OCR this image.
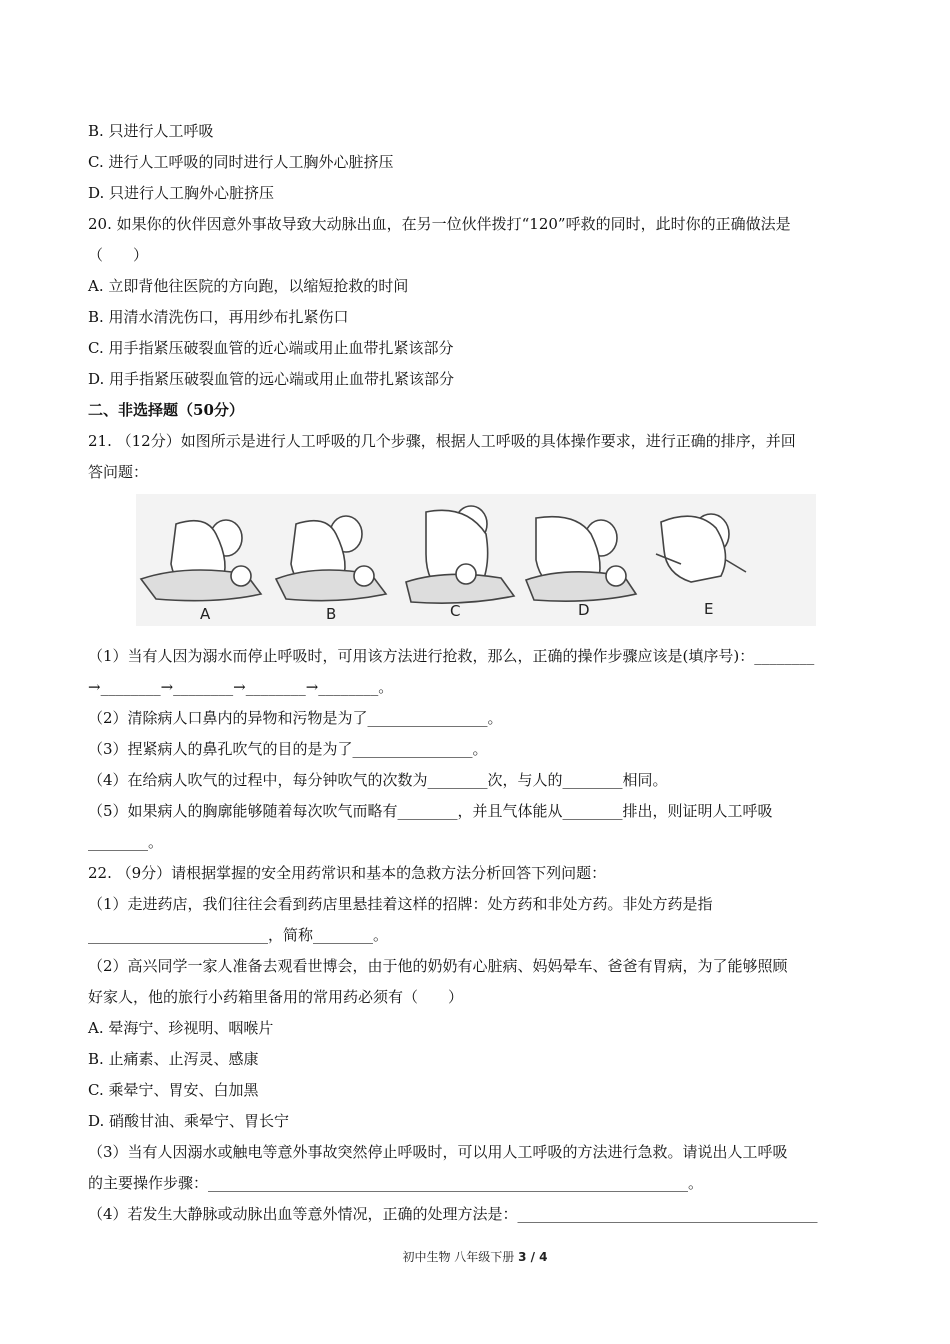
B. 只进行人工呼吸
C. 进行人工呼吸的同时进行人工胸外心脏挤压
D. 只进行人工胸外心脏挤压
20. 如果你的伙伴因意外事故导致大动脉出血，在另一位伙伴拨打“120”呼救的同时，此时你的正确做法是
（　　）
A. 立即背他往医院的方向跑，以缩短抢救的时间
B. 用清水清洗伤口，再用纱布扎紧伤口
C. 用手指紧压破裂血管的近心端或用止血带扎紧该部分
D. 用手指紧压破裂血管的远心端或用止血带扎紧该部分
二、非选择题（50分）
21. （12分）如图所示是进行人工呼吸的几个步骤，根据人工呼吸的具体操作要求，进行正确的排序，并回
答问题：
A	B	C	D	E
（1）当有人因为溺水而停止呼吸时，可用该方法进行抢救，那么，正确的操作步骤应该是(填序号)：________
→________→________→________→________。
（2）清除病人口鼻内的异物和污物是为了________________。
（3）捏紧病人的鼻孔吹气的目的是为了________________。
（4）在给病人吹气的过程中，每分钟吹气的次数为________次，与人的________相同。
（5）如果病人的胸廓能够随着每次吹气而略有________，并且气体能从________排出，则证明人工呼吸
________。
22. （9分）请根据掌握的安全用药常识和基本的急救方法分析回答下列问题：
（1）走进药店，我们往往会看到药店里悬挂着这样的招牌：处方药和非处方药。非处方药是指
________________________，简称________。
（2）高兴同学一家人准备去观看世博会，由于他的奶奶有心脏病、妈妈晕车、爸爸有胃病，为了能够照顾
好家人，他的旅行小药箱里备用的常用药必须有（　　）
A. 晕海宁、珍视明、咽喉片
B. 止痛素、止泻灵、感康
C. 乘晕宁、胃安、白加黑
D. 硝酸甘油、乘晕宁、胃长宁
（3）当有人因溺水或触电等意外事故突然停止呼吸时，可以用人工呼吸的方法进行急救。请说出人工呼吸
的主要操作步骤：________________________________________________________________。
（4）若发生大静脉或动脉出血等意外情况，正确的处理方法是：________________________________________
初中生物 八年级下册 3 / 4
